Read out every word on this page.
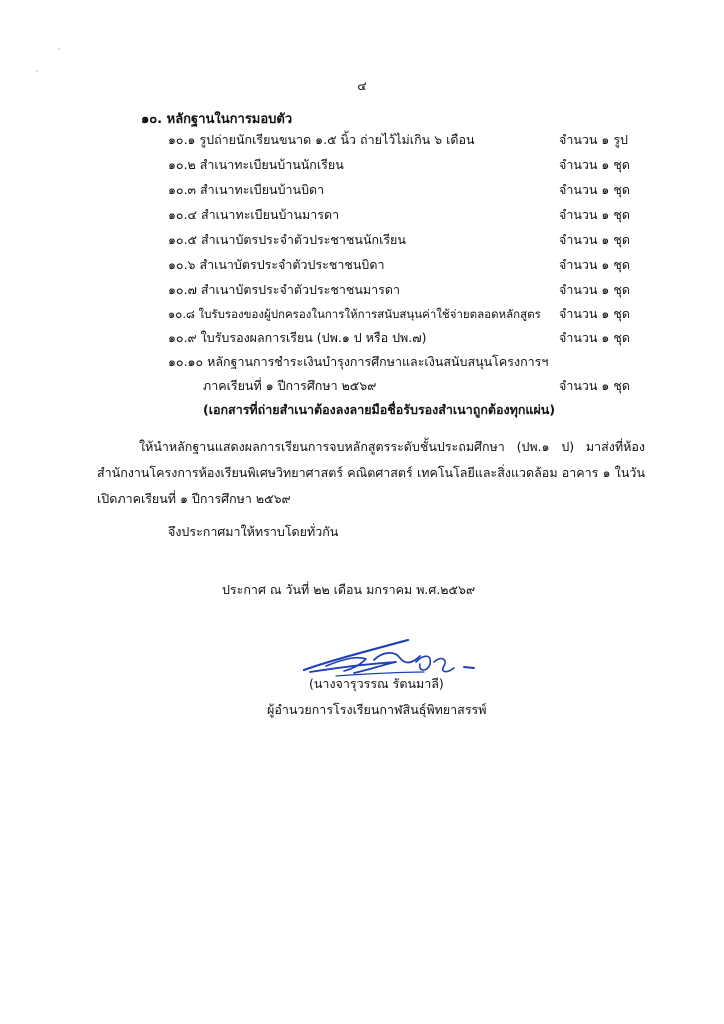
๔
๑๐. หลักฐานในการมอบตัว
๑๐.๑ รูปถ่ายนักเรียนขนาด ๑.๕ นิ้ว ถ่ายไว้ไม่เกิน ๖ เดือน	จำนวน ๑ รูป
๑๐.๒ สำเนาทะเบียนบ้านนักเรียน	จำนวน ๑ ชุด
๑๐.๓ สำเนาทะเบียนบ้านบิดา	จำนวน ๑ ชุด
๑๐.๔ สำเนาทะเบียนบ้านมารดา	จำนวน ๑ ชุด
๑๐.๕ สำเนาบัตรประจำตัวประชาชนนักเรียน	จำนวน ๑ ชุด
๑๐.๖ สำเนาบัตรประจำตัวประชาชนบิดา	จำนวน ๑ ชุด
๑๐.๗ สำเนาบัตรประจำตัวประชาชนมารดา	จำนวน ๑ ชุด
๑๐.๘ ใบรับรองของผู้ปกครองในการให้การสนับสนุนค่าใช้จ่ายตลอดหลักสูตร จำนวน ๑ ชุด
๑๐.๙ ใบรับรองผลการเรียน (ปพ.๑ ป หรือ ปพ.๗)	จำนวน ๑ ชุด
๑๐.๑๐ หลักฐานการชำระเงินบำรุงการศึกษาและเงินสนับสนุนโครงการฯ
ภาคเรียนที่ ๑ ปีการศึกษา ๒๕๖๙	จำนวน ๑ ชุด
(เอกสารที่ถ่ายสำเนาต้องลงลายมือชื่อรับรองสำเนาถูกต้องทุกแผ่น)
ให้นำหลักฐานแสดงผลการเรียนการจบหลักสูตรระดับชั้นประถมศึกษา (ปพ.๑ ป) มาส่งที่ห้องสำนักงานโครงการห้องเรียนพิเศษวิทยาศาสตร์ คณิตศาสตร์ เทคโนโลยีและสิ่งแวดล้อม อาคาร ๑ ในวันเปิดภาคเรียนที่ ๑ ปีการศึกษา ๒๕๖๙
จึงประกาศมาให้ทราบโดยทั่วกัน
ประกาศ ณ วันที่ ๒๒ เดือน มกราคม พ.ศ.๒๕๖๙
(นางจารุวรรณ รัตนมาลี)
ผู้อำนวยการโรงเรียนกาฬสินธุ์พิทยาสรรพ์
